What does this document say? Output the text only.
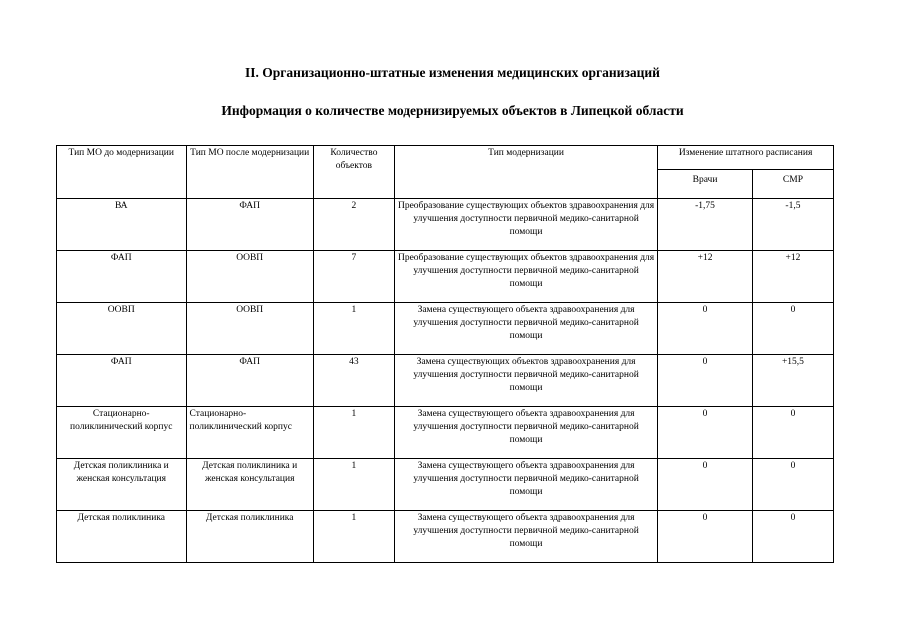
II. Организационно-штатные изменения медицинских организаций
Информация о количестве модернизируемых объектов в Липецкой области
Тип МО до модернизации	Тип МО после модернизации	Количество объектов	Тип модернизации	Изменение штатного расписания	
				Врачи	СМР
ВА	ФАП	2	Преобразование существующих объектов здравоохранения для улучшения доступности первичной медико-санитарной помощи	-1,75	-1,5
ФАП	ООВП	7	Преобразование существующих объектов здравоохранения для улучшения доступности первичной медико-санитарной помощи	+12	+12
ООВП	ООВП	1	Замена существующего объекта здравоохранения для улучшения доступности первичной медико-санитарной помощи	0	0
ФАП	ФАП	43	Замена существующих объектов здравоохранения для улучшения доступности первичной медико-санитарной помощи	0	+15,5
Стационарно-поликлинический корпус	Стационарно-поликлинический корпус	1	Замена существующего объекта здравоохранения для улучшения доступности первичной медико-санитарной помощи	0	0
Детская поликлиника и женская консультация	Детская поликлиника и женская консультация	1	Замена существующего объекта здравоохранения для улучшения доступности первичной медико-санитарной помощи	0	0
Детская поликлиника	Детская поликлиника	1	Замена существующего объекта здравоохранения для улучшения доступности первичной медико-санитарной помощи	0	0
